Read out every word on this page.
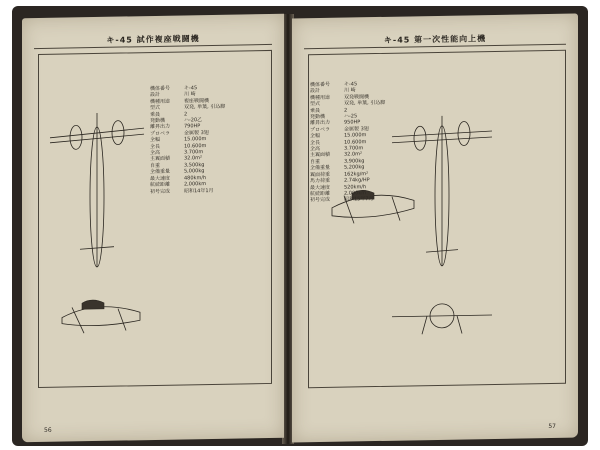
キ-45 試作複座戦闘機
機体番号	キ-45
設計	川 崎
機種用途	複座戦闘機
型式	双発, 単葉, 引込脚
乗員	2
発動機	ハ-20乙
離昇出力	790HP
プロペラ	金属製 3翅
全幅	15.000m
全長	10.600m
全高	3.700m
主翼面積	32.0m²
自重	3,500kg
全備重量	5,000kg
最大速度	480km/h
航続距離	2,000km
初号完成	昭和14年1月
56
キ-45 第一次性能向上機
機体番号	キ-45
設計	川 崎
機種用途	双発戦闘機
型式	双発, 単葉, 引込脚
乗員	2
発動機	ハ-25
離昇出力	950HP
プロペラ	金属製 3翅
全幅	15.000m
全長	10.600m
全高	3.700m
主翼面積	32.0m²
自重	3,900kg
全備重量	5,200kg
翼面荷重	162kg/m²
馬力荷重	2.74kg/HP
最大速度	520km/h
航続距離	2,000km
初号完成	昭和15年7月
57
